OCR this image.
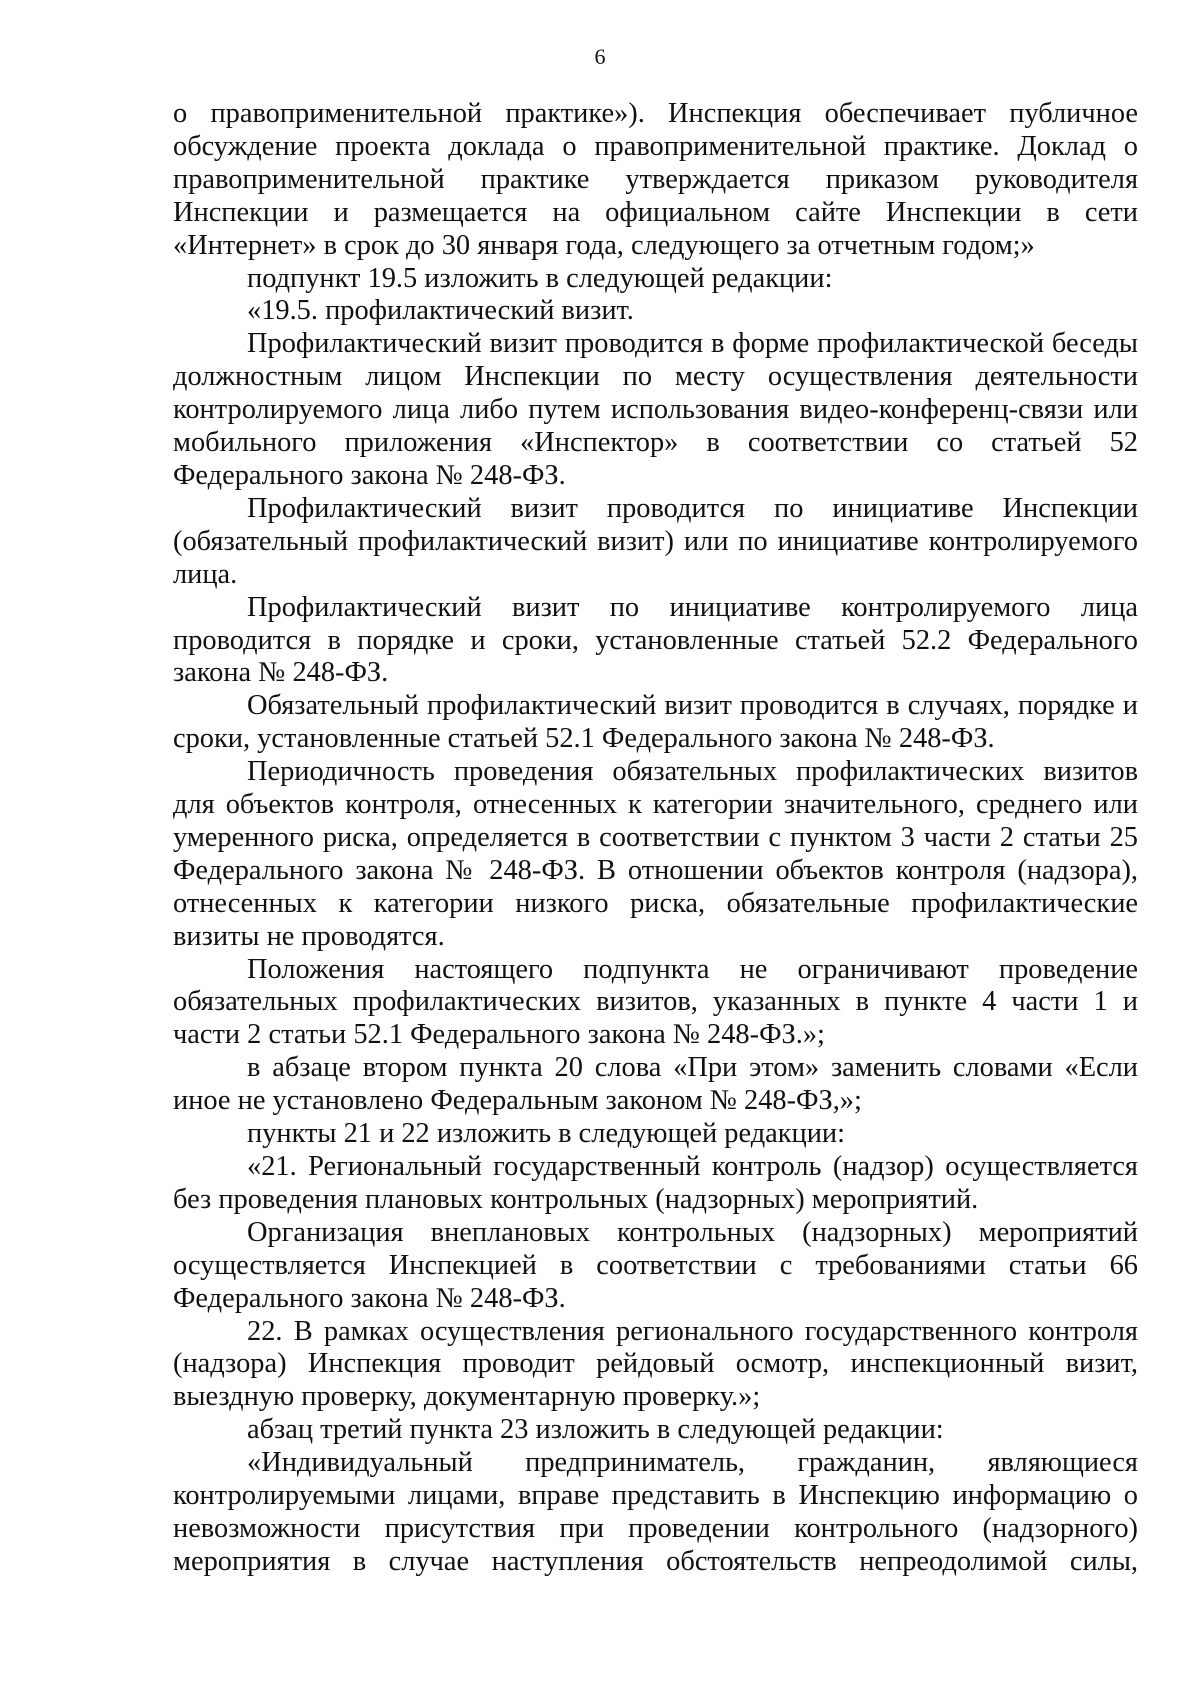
6

о правоприменительной практике»). Инспекция обеспечивает публичное обсуждение проекта доклада о правоприменительной практике. Доклад о правоприменительной практике утверждается приказом руководителя Инспекции и размещается на официальном сайте Инспекции в сети «Интернет» в срок до 30 января года, следующего за отчетным годом;»

подпункт 19.5 изложить в следующей редакции:

«19.5. профилактический визит.

Профилактический визит проводится в форме профилактической беседы должностным лицом Инспекции по месту осуществления деятельности контролируемого лица либо путем использования видео-конференц-связи или мобильного приложения «Инспектор» в соответствии со статьей 52 Федерального закона № 248-ФЗ.

Профилактический визит проводится по инициативе Инспекции (обязательный профилактический визит) или по инициативе контролируемого лица.

Профилактический визит по инициативе контролируемого лица проводится в порядке и сроки, установленные статьей 52.2 Федерального закона № 248-ФЗ.

Обязательный профилактический визит проводится в случаях, порядке и сроки, установленные статьей 52.1 Федерального закона № 248-ФЗ.

Периодичность проведения обязательных профилактических визитов для объектов контроля, отнесенных к категории значительного, среднего или умеренного риска, определяется в соответствии с пунктом 3 части 2 статьи 25 Федерального закона № 248-ФЗ. В отношении объектов контроля (надзора), отнесенных к категории низкого риска, обязательные профилактические визиты не проводятся.

Положения настоящего подпункта не ограничивают проведение обязательных профилактических визитов, указанных в пункте 4 части 1 и части 2 статьи 52.1 Федерального закона № 248-ФЗ.»;

в абзаце втором пункта 20 слова «При этом» заменить словами «Если иное не установлено Федеральным законом № 248-ФЗ,»;

пункты 21 и 22 изложить в следующей редакции:

«21. Региональный государственный контроль (надзор) осуществляется без проведения плановых контрольных (надзорных) мероприятий.

Организация внеплановых контрольных (надзорных) мероприятий осуществляется Инспекцией в соответствии с требованиями статьи 66 Федерального закона № 248-ФЗ.

22. В рамках осуществления регионального государственного контроля (надзора) Инспекция проводит рейдовый осмотр, инспекционный визит, выездную проверку, документарную проверку.»;

абзац третий пункта 23 изложить в следующей редакции:

«Индивидуальный предприниматель, гражданин, являющиеся контролируемыми лицами, вправе представить в Инспекцию информацию о невозможности присутствия при проведении контрольного (надзорного) мероприятия в случае наступления обстоятельств непреодолимой силы,
